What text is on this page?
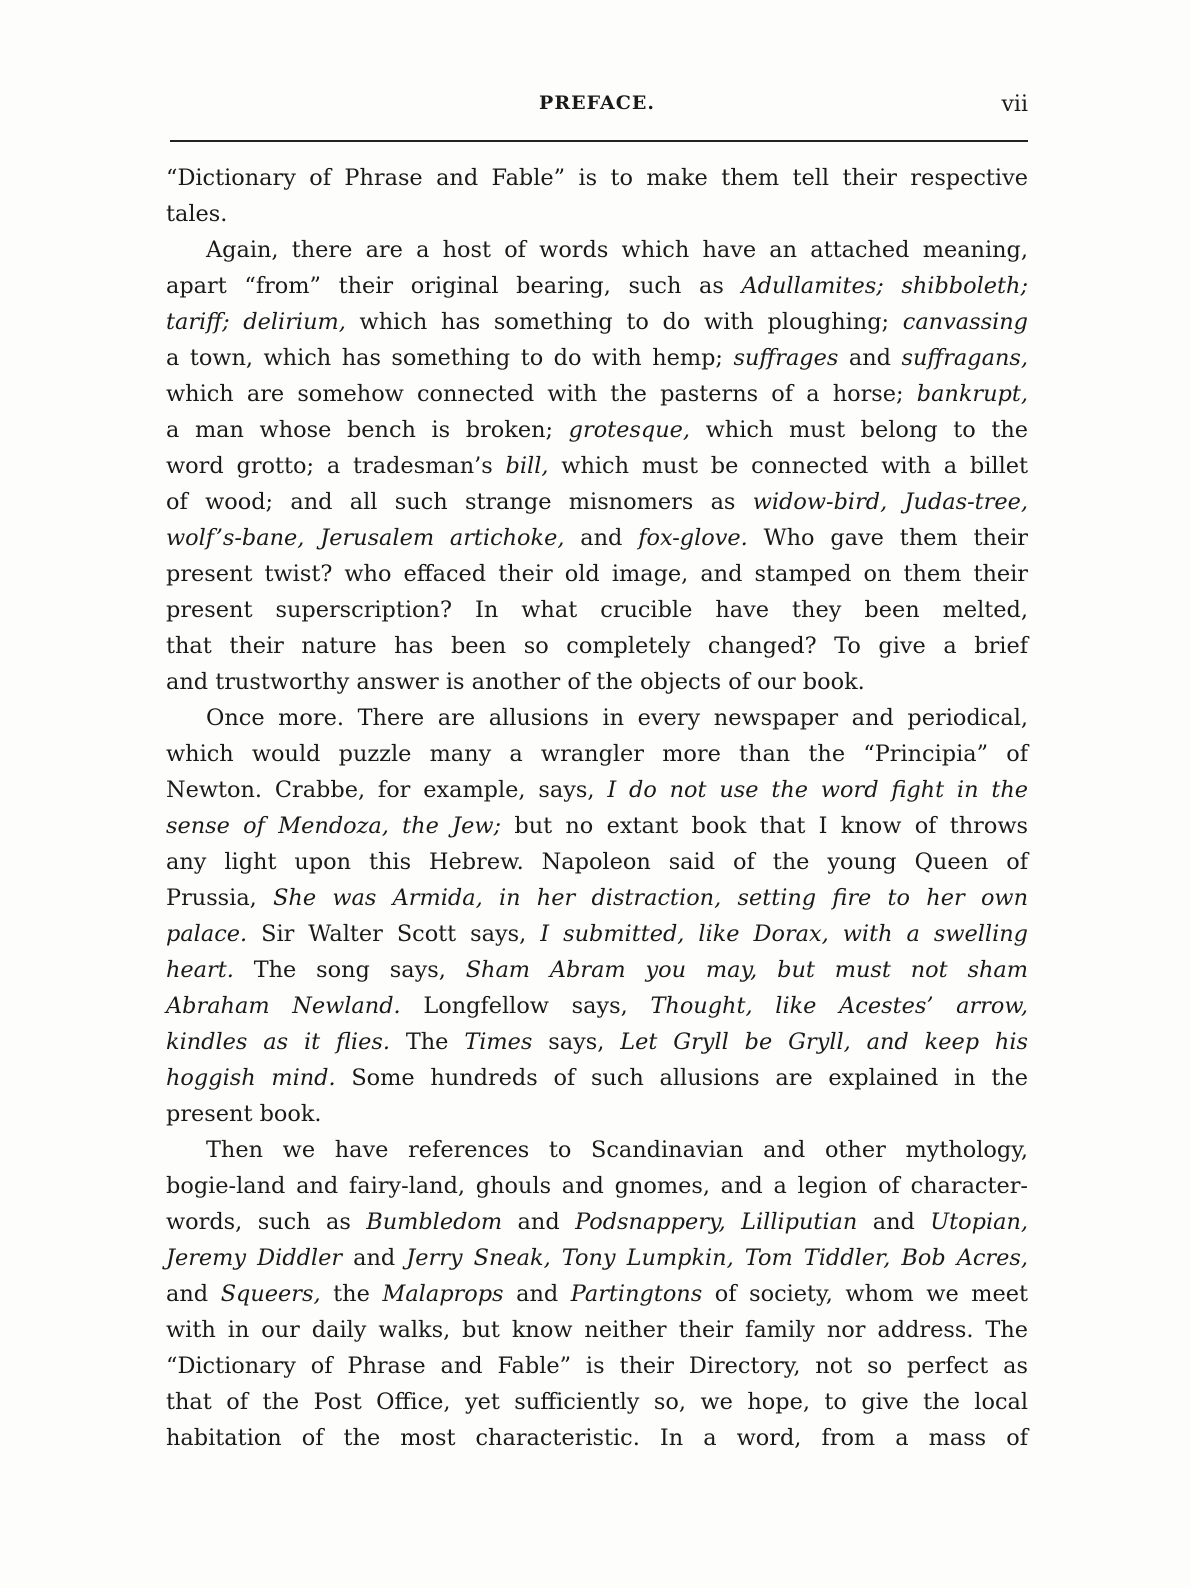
PREFACE.	vii
“Dictionary of Phrase and Fable” is to make them tell their respective
tales.
Again, there are a host of words which have an attached meaning,
apart “from” their original bearing, such as Adullamites; shibboleth;
tariff; delirium, which has something to do with ploughing; canvassing
a town, which has something to do with hemp; suffrages and suffragans,
which are somehow connected with the pasterns of a horse; bankrupt,
a man whose bench is broken; grotesque, which must belong to the
word grotto; a tradesman’s bill, which must be connected with a billet
of wood; and all such strange misnomers as widow-bird, Judas-tree,
wolf’s-bane, Jerusalem artichoke, and fox-glove. Who gave them their
present twist? who effaced their old image, and stamped on them their
present superscription? In what crucible have they been melted,
that their nature has been so completely changed? To give a brief
and trustworthy answer is another of the objects of our book.
Once more. There are allusions in every newspaper and periodical,
which would puzzle many a wrangler more than the “Principia” of
Newton. Crabbe, for example, says, I do not use the word fight in the
sense of Mendoza, the Jew; but no extant book that I know of throws
any light upon this Hebrew. Napoleon said of the young Queen of
Prussia, She was Armida, in her distraction, setting fire to her own
palace. Sir Walter Scott says, I submitted, like Dorax, with a swelling
heart. The song says, Sham Abram you may, but must not sham
Abraham Newland. Longfellow says, Thought, like Acestes’ arrow,
kindles as it flies. The Times says, Let Gryll be Gryll, and keep his
hoggish mind. Some hundreds of such allusions are explained in the
present book.
Then we have references to Scandinavian and other mythology,
bogie-land and fairy-land, ghouls and gnomes, and a legion of character-
words, such as Bumbledom and Podsnappery, Lilliputian and Utopian,
Jeremy Diddler and Jerry Sneak, Tony Lumpkin, Tom Tiddler, Bob Acres,
and Squeers, the Malaprops and Partingtons of society, whom we meet
with in our daily walks, but know neither their family nor address. The
“Dictionary of Phrase and Fable” is their Directory, not so perfect as
that of the Post Office, yet sufficiently so, we hope, to give the local
habitation of the most characteristic. In a word, from a mass of
